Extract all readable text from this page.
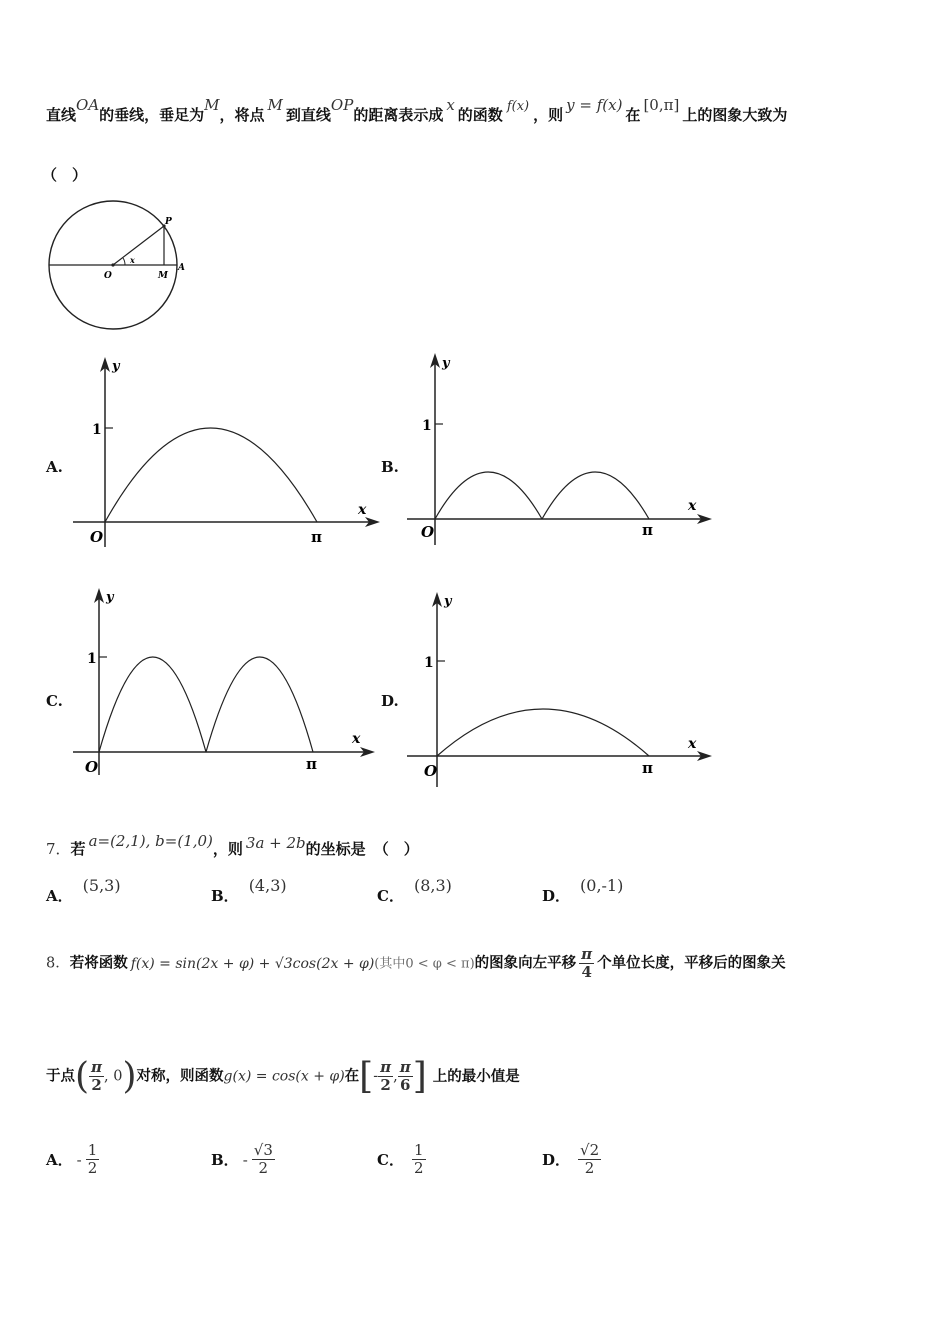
直线OA的垂线，垂足为M，将点M到直线OP的距离表示成x的函数 f(x) ，则y = f(x)在[0,π]上的图象大致为
（　）
O
x
P
M
A
A.
y
1
O
x
π
B.
y
1
O
x
π
C.
y
1
O
x
π
D.
y
1
O
x
π
7．若 a=(2,1), b=(1,0)，则 3a + 2b的坐标是 （　）
A．(5,3)
B．(4,3)
C．(8,3)
D．(0,‑1)
8．若将函数 f(x) = sin(2x + φ) + √3cos(2x + φ)(其中0 < φ < π)的图象向左平移 $\frac{\pi}{4}$ 个单位长度，平移后的图象关
于点( $\frac{\pi}{2}$ , 0)对称，则函数g(x) = cos(x + φ)在[‑ $\frac{\pi}{2}$ , $\frac{\pi}{6}$ ] 上的最小值是
A． ‑ $\frac{1}{2}$	B． ‑ $\frac{√3}{2}$	C． $\frac{1}{2}$	D． $\frac{√2}{2}$
